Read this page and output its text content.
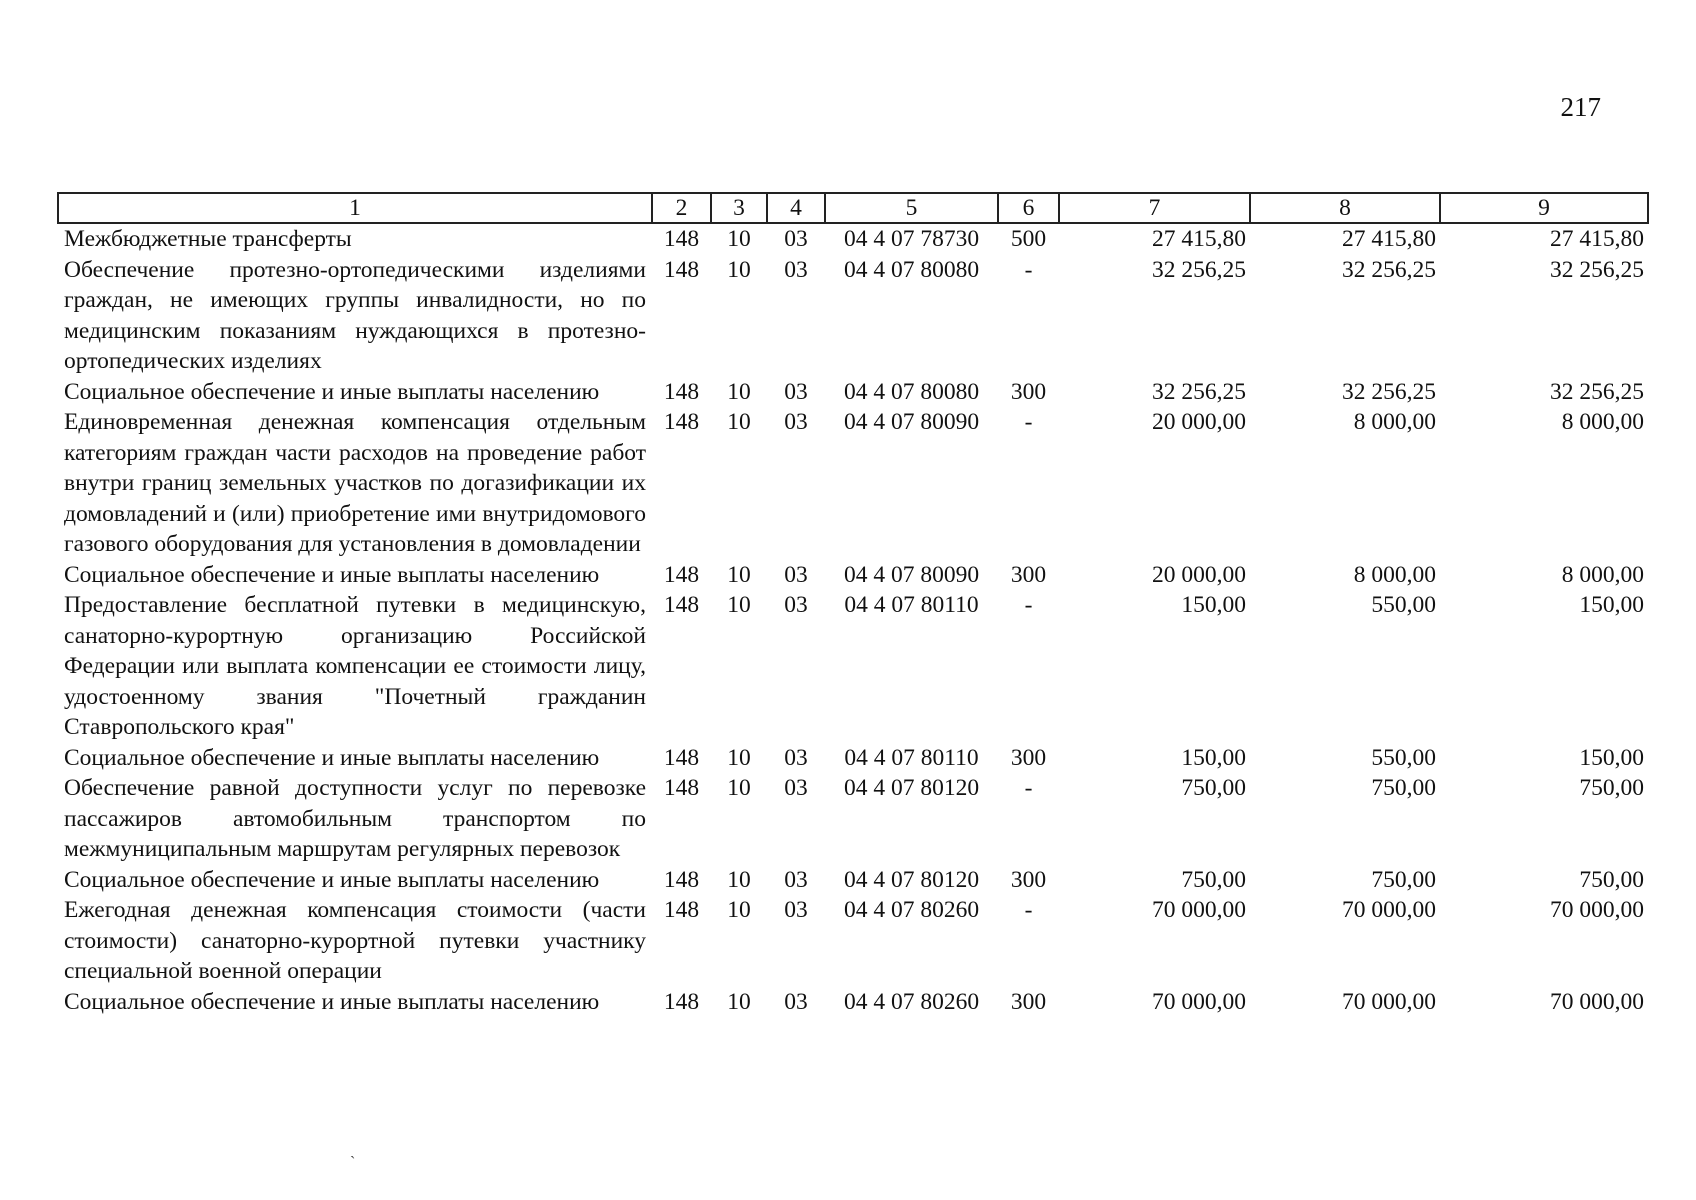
217
1	2	3	4	5	6	7	8	9
Межбюджетные трансферты	148	10	03	04 4 07 78730	500	27 415,80	27 415,80	27 415,80
Обеспечение протезно-ортопедическими изделиями граждан, не имеющих группы инвалидности, но по медицинским показаниям нуждающихся в протезно-ортопедических изделиях	148	10	03	04 4 07 80080	-	32 256,25	32 256,25	32 256,25
Социальное обеспечение и иные выплаты населению	148	10	03	04 4 07 80080	300	32 256,25	32 256,25	32 256,25
Единовременная денежная компенсация отдельным категориям граждан части расходов на проведение работ внутри границ земельных участков по догазификации их домовладений и (или) приобретение ими внутридомового газового оборудования для установления в домовладении	148	10	03	04 4 07 80090	-	20 000,00	8 000,00	8 000,00
Социальное обеспечение и иные выплаты населению	148	10	03	04 4 07 80090	300	20 000,00	8 000,00	8 000,00
Предоставление бесплатной путевки в медицинскую, санаторно-курортную организацию Российской Федерации или выплата компенсации ее стоимости лицу, удостоенному звания "Почетный гражданин Ставропольского края"	148	10	03	04 4 07 80110	-	150,00	550,00	150,00
Социальное обеспечение и иные выплаты населению	148	10	03	04 4 07 80110	300	150,00	550,00	150,00
Обеспечение равной доступности услуг по перевозке пассажиров автомобильным транспортом по межмуниципальным маршрутам регулярных перевозок	148	10	03	04 4 07 80120	-	750,00	750,00	750,00
Социальное обеспечение и иные выплаты населению	148	10	03	04 4 07 80120	300	750,00	750,00	750,00
Ежегодная денежная компенсация стоимости (части стоимости) санаторно-курортной путевки участнику специальной военной операции	148	10	03	04 4 07 80260	-	70 000,00	70 000,00	70 000,00
Социальное обеспечение и иные выплаты населению	148	10	03	04 4 07 80260	300	70 000,00	70 000,00	70 000,00
ˎ
